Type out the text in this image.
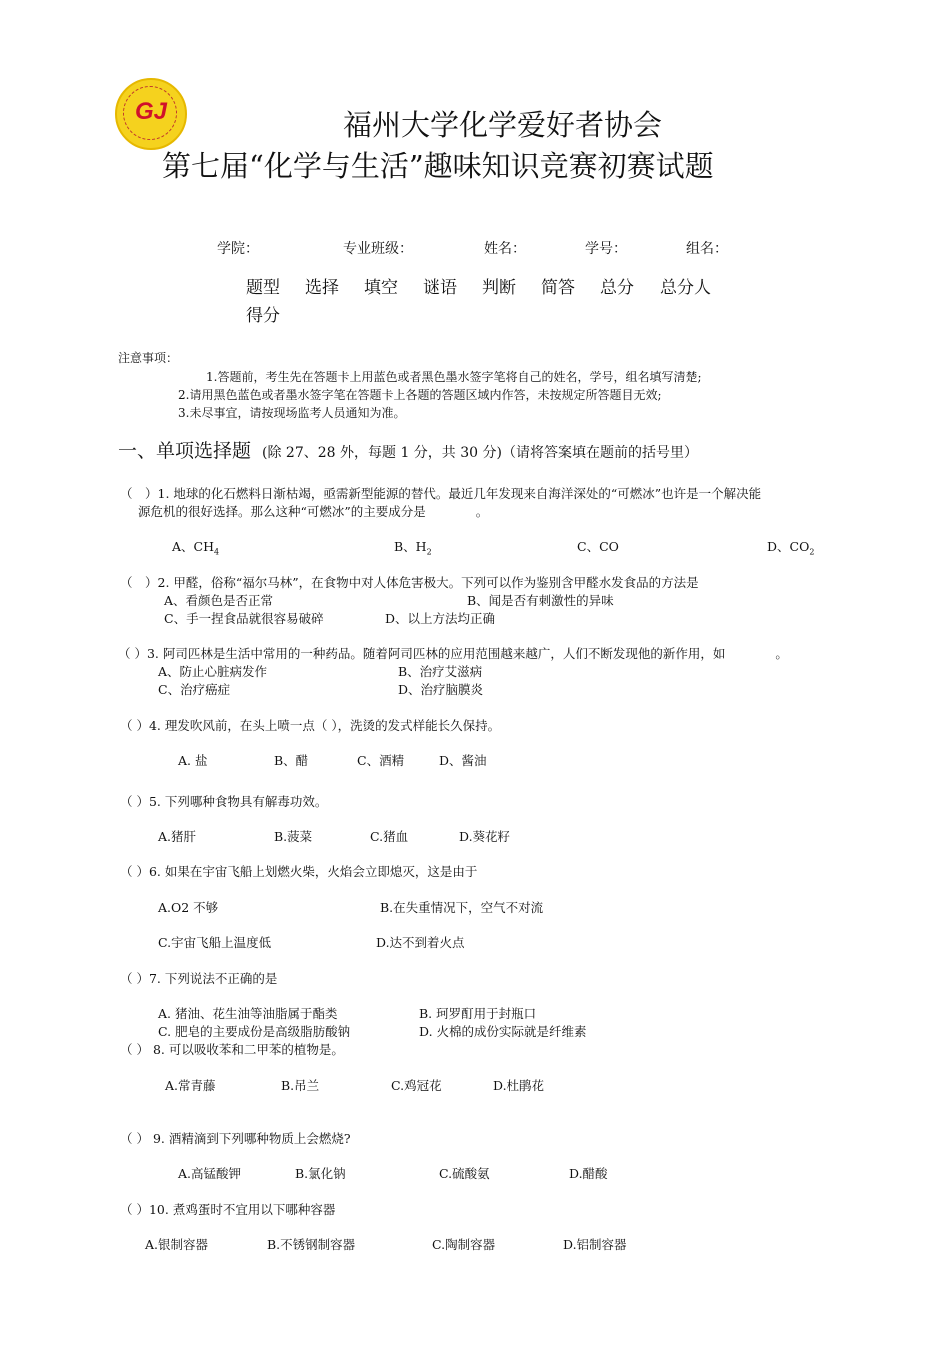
GJ	福州大学化学爱好者协会
第七届“化学与生活”趣味知识竞赛初赛试题
学院：	专业班级：	姓名：	学号：	组名：
题型 选择 填空 谜语 判断 简答 总分 总分人
得分
注意事项：
1.答题前，考生先在答题卡上用蓝色或者黑色墨水签字笔将自己的姓名，学号，组名填写清楚;
2.请用黑色蓝色或者墨水签字笔在答题卡上各题的答题区域内作答，未按规定所答题目无效;
3.未尽事宜，请按现场监考人员通知为准。
一、单项选择题 (除 27、28 外，每题 1 分，共 30 分)（请将答案填在题前的括号里）
（　）1. 地球的化石燃料日渐枯竭，亟需新型能源的替代。最近几年发现来自海洋深处的“可燃冰”也许是一个解决能
源危机的很好选择。那么这种“可燃冰”的主要成分是　　　　。
A、$CH_4$	B、$H_2$	C、CO	D、$CO_2$
（　）2. 甲醛，俗称“福尔马林”，在食物中对人体危害极大。下列可以作为鉴别含甲醛水发食品的方法是
A、看颜色是否正常	B、闻是否有刺激性的异味
C、手一捏食品就很容易破碎	D、以上方法均正确
（ ）3. 阿司匹林是生活中常用的一种药品。随着阿司匹林的应用范围越来越广，人们不断发现他的新作用，如　　　　。
A、防止心脏病发作	B、治疗艾滋病
C、治疗癌症	D、治疗脑膜炎
（ ）4. 理发吹风前，在头上喷一点（ ），洗烫的发式样能长久保持。
A. 盐	B、醋	C、酒精	D、酱油
（ ）5. 下列哪种食物具有解毒功效。
A.猪肝	B.菠菜	C.猪血	D.葵花籽
（ ）6. 如果在宇宙飞船上划燃火柴，火焰会立即熄灭，这是由于
A.O2 不够	B.在失重情况下，空气不对流
C.宇宙飞船上温度低	D.达不到着火点
（ ）7. 下列说法不正确的是
A. 猪油、花生油等油脂属于酯类	B. 珂罗酊用于封瓶口
C. 肥皂的主要成份是高级脂肪酸钠	D. 火棉的成份实际就是纤维素
（ ） 8. 可以吸收苯和二甲苯的植物是。
A.常青藤	B.吊兰	C.鸡冠花	D.杜鹃花
（ ） 9. 酒精滴到下列哪种物质上会燃烧?
A.高锰酸钾	B.氯化钠	C.硫酸氨	D.醋酸
（ ）10. 煮鸡蛋时不宜用以下哪种容器
A.银制容器	B.不锈钢制容器	C.陶制容器	D.铝制容器
